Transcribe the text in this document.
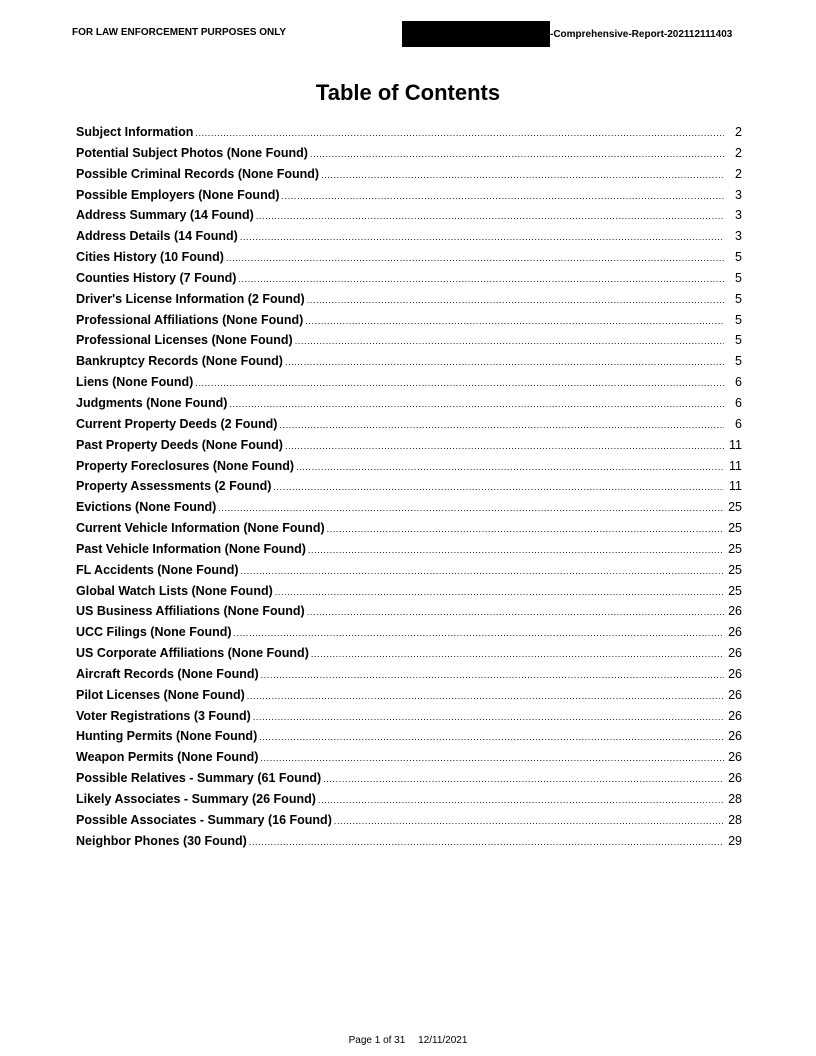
FOR LAW ENFORCEMENT PURPOSES ONLY	-Comprehensive-Report-202112111403
Table of Contents
Subject Information .....	2
Potential Subject Photos (None Found) .....	2
Possible Criminal Records (None Found) .....	2
Possible Employers (None Found) .....	3
Address Summary (14 Found) .....	3
Address Details (14 Found) .....	3
Cities History (10 Found) .....	5
Counties History (7 Found) .....	5
Driver's License Information (2 Found) .....	5
Professional Affiliations (None Found) .....	5
Professional Licenses (None Found) .....	5
Bankruptcy Records (None Found) .....	5
Liens (None Found) .....	6
Judgments (None Found) .....	6
Current Property Deeds (2 Found) .....	6
Past Property Deeds (None Found) .....	11
Property Foreclosures (None Found) .....	11
Property Assessments (2 Found) .....	11
Evictions (None Found) .....	25
Current Vehicle Information (None Found) .....	25
Past Vehicle Information (None Found) .....	25
FL Accidents (None Found) .....	25
Global Watch Lists (None Found) .....	25
US Business Affiliations (None Found) .....	26
UCC Filings (None Found) .....	26
US Corporate Affiliations (None Found) .....	26
Aircraft Records (None Found) .....	26
Pilot Licenses (None Found) .....	26
Voter Registrations (3 Found) .....	26
Hunting Permits (None Found) .....	26
Weapon Permits (None Found) .....	26
Possible Relatives - Summary (61 Found) .....	26
Likely Associates - Summary (26 Found) .....	28
Possible Associates - Summary (16 Found) .....	28
Neighbor Phones (30 Found) .....	29
Page 1 of 31 12/11/2021
